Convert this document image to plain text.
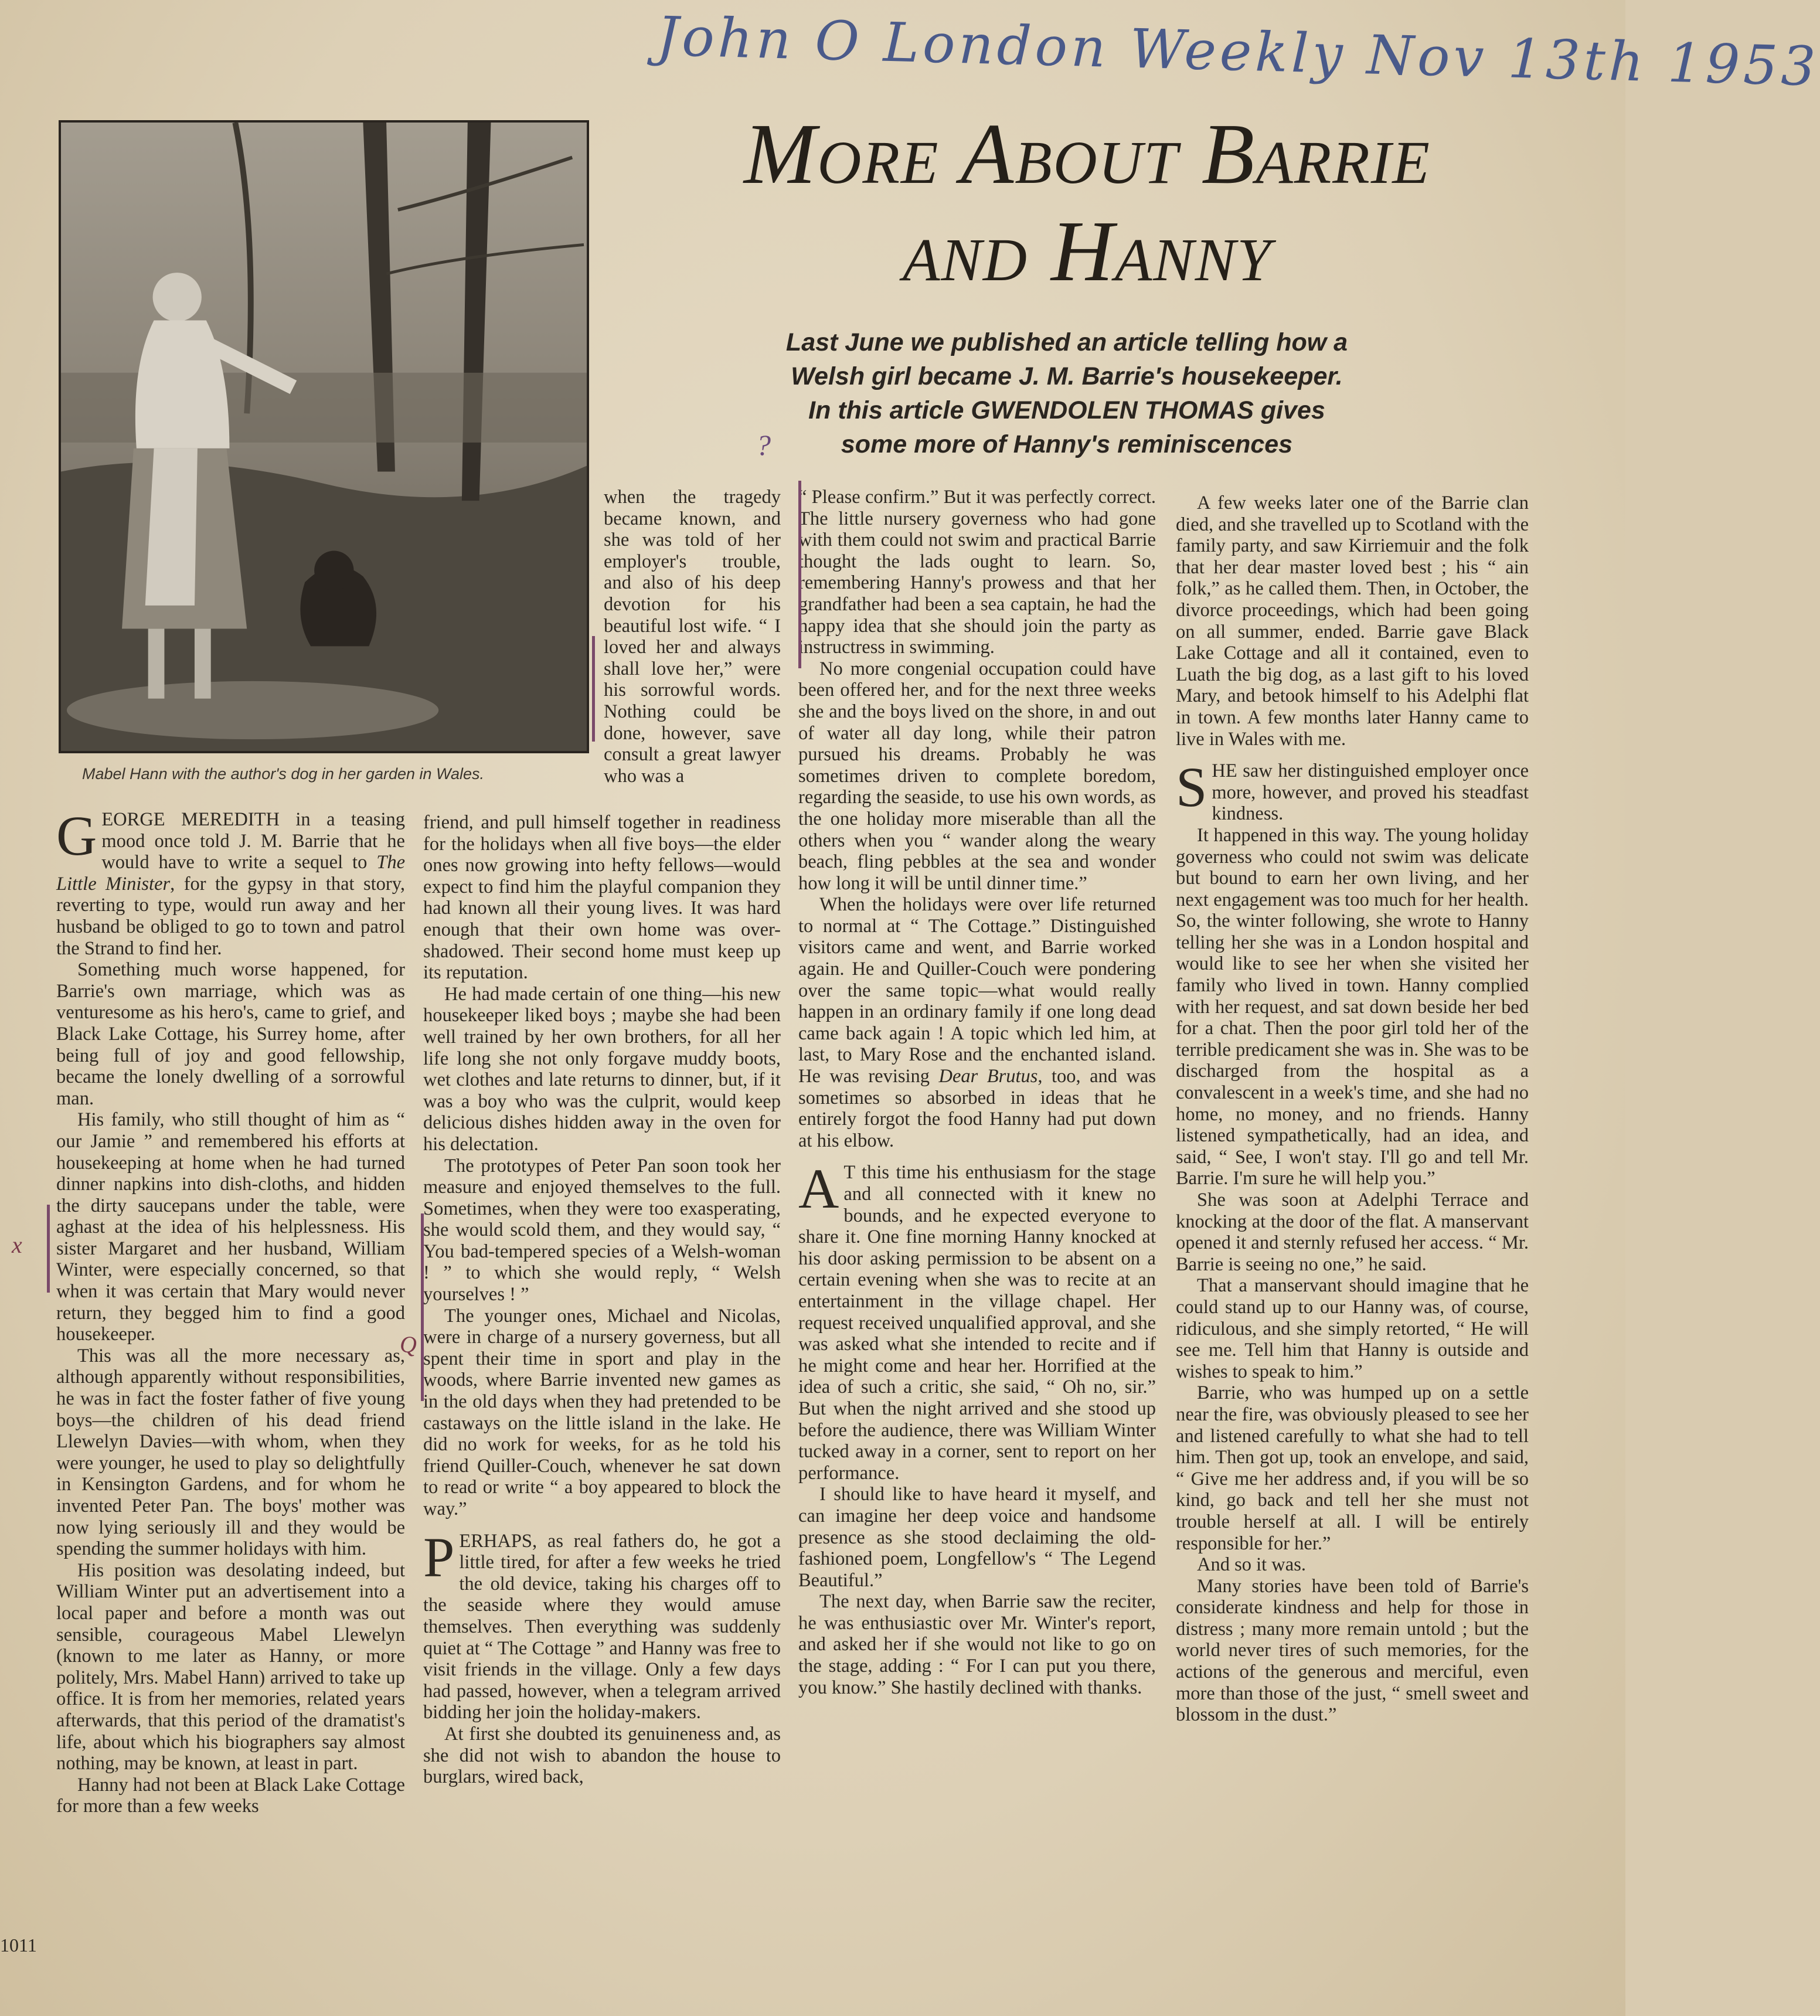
John O London Weekly Nov 13th 1953
Mabel Hann with the author's dog in her garden in Wales.
More About Barrie
and Hanny
Last June we published an article telling how a
Welsh girl became J. M. Barrie's housekeeper.
In this article GWENDOLEN THOMAS gives
some more of Hanny's reminiscences
?

GEORGE MEREDITH in a teasing mood once told J. M. Barrie that he would have to write a sequel to The Little Minister, for the gypsy in that story, reverting to type, would run away and her husband be obliged to go to town and patrol the Strand to find her.

Something much worse happened, for Barrie's own marriage, which was as venturesome as his hero's, came to grief, and Black Lake Cottage, his Surrey home, after being full of joy and good fellowship, became the lonely dwelling of a sorrowful man.

His family, who still thought of him as “ our Jamie ” and remembered his efforts at housekeeping at home when he had turned dinner napkins into dish-cloths, and hidden the dirty saucepans under the table, were aghast at the idea of his helplessness. His sister Margaret and her husband, William Winter, were especially concerned, so that when it was certain that Mary would never return, they begged him to find a good housekeeper.

This was all the more necessary as, although apparently without responsibilities, he was in fact the foster father of five young boys—the children of his dead friend Llewelyn Davies—with whom, when they were younger, he used to play so delightfully in Kensington Gardens, and for whom he invented Peter Pan. The boys' mother was now lying seriously ill and they would be spending the summer holidays with him.

His position was desolating indeed, but William Winter put an advertisement into a local paper and before a month was out sensible, courageous Mabel Llewelyn (known to me later as Hanny, or more politely, Mrs. Mabel Hann) arrived to take up office. It is from her memories, related years afterwards, that this period of the dramatist's life, about which his biographers say almost nothing, may be known, at least in part.

Hanny had not been at Black Lake Cottage for more than a few weeks

when the tragedy became known, and she was told of her employer's trouble, and also of his deep devotion for his beautiful lost wife. “ I loved her and always shall love her,” were his sorrowful words. Nothing could be done, however, save consult a great lawyer who was a

friend, and pull himself together in readiness for the holidays when all five boys—the elder ones now growing into hefty fellows—would expect to find him the playful companion they had known all their young lives. It was hard enough that their own home was over-shadowed. Their second home must keep up its reputation.

He had made certain of one thing—his new housekeeper liked boys ; maybe she had been well trained by her own brothers, for all her life long she not only forgave muddy boots, wet clothes and late returns to dinner, but, if it was a boy who was the culprit, would keep delicious dishes hidden away in the oven for his delectation.

The prototypes of Peter Pan soon took her measure and enjoyed themselves to the full. Sometimes, when they were too exasperating, she would scold them, and they would say, “ You bad-tempered species of a Welsh-woman ! ” to which she would reply, “ Welsh yourselves ! ”

The younger ones, Michael and Nicolas, were in charge of a nursery governess, but all spent their time in sport and play in the woods, where Barrie invented new games as in the old days when they had pretended to be castaways on the little island in the lake. He did no work for weeks, for as he told his friend Quiller-Couch, whenever he sat down to read or write “ a boy appeared to block the way.”

PERHAPS, as real fathers do, he got a little tired, for after a few weeks he tried the old device, taking his charges off to the seaside where they would amuse themselves. Then everything was suddenly quiet at “ The Cottage ” and Hanny was free to visit friends in the village. Only a few days had passed, however, when a telegram arrived bidding her join the holiday-makers.

At first she doubted its genuineness and, as she did not wish to abandon the house to burglars, wired back,

“ Please confirm.” But it was perfectly correct. The little nursery governess who had gone with them could not swim and practical Barrie thought the lads ought to learn. So, remembering Hanny's prowess and that her grandfather had been a sea captain, he had the happy idea that she should join the party as instructress in swimming.

No more congenial occupation could have been offered her, and for the next three weeks she and the boys lived on the shore, in and out of water all day long, while their patron pursued his dreams. Probably he was sometimes driven to complete boredom, regarding the seaside, to use his own words, as the one holiday more miserable than all the others when you “ wander along the weary beach, fling pebbles at the sea and wonder how long it will be until dinner time.”

When the holidays were over life returned to normal at “ The Cottage.” Distinguished visitors came and went, and Barrie worked again. He and Quiller-Couch were pondering over the same topic—what would really happen in an ordinary family if one long dead came back again ! A topic which led him, at last, to Mary Rose and the enchanted island. He was revising Dear Brutus, too, and was sometimes so absorbed in ideas that he entirely forgot the food Hanny had put down at his elbow.

A T this time his enthusiasm for the stage and all connected with it knew no bounds, and he expected everyone to share it. One fine morning Hanny knocked at his door asking permission to be absent on a certain evening when she was to recite at an entertainment in the village chapel. Her request received unqualified approval, and she was asked what she intended to recite and if he might come and hear her. Horrified at the idea of such a critic, she said, “ Oh no, sir.” But when the night arrived and she stood up before the audience, there was William Winter tucked away in a corner, sent to report on her performance.

I should like to have heard it myself, and can imagine her deep voice and handsome presence as she stood declaiming the old-fashioned poem, Longfellow's “ The Legend Beautiful.”

The next day, when Barrie saw the reciter, he was enthusiastic over Mr. Winter's report, and asked her if she would not like to go on the stage, adding : “ For I can put you there, you know.” She hastily declined with thanks.

A few weeks later one of the Barrie clan died, and she travelled up to Scotland with the family party, and saw Kirriemuir and the folk that her dear master loved best ; his “ ain folk,” as he called them. Then, in October, the divorce proceedings, which had been going on all summer, ended. Barrie gave Black Lake Cottage and all it contained, even to Luath the big dog, as a last gift to his loved Mary, and betook himself to his Adelphi flat in town. A few months later Hanny came to live in Wales with me.

SHE saw her distinguished employer once more, however, and proved his steadfast kindness.

It happened in this way. The young holiday governess who could not swim was delicate but bound to earn her own living, and her next engagement was too much for her health. So, the winter following, she wrote to Hanny telling her she was in a London hospital and would like to see her when she visited her family who lived in town. Hanny complied with her request, and sat down beside her bed for a chat. Then the poor girl told her of the terrible predicament she was in. She was to be discharged from the hospital as a convalescent in a week's time, and she had no home, no money, and no friends. Hanny listened sympathetically, had an idea, and said, “ See, I won't stay. I'll go and tell Mr. Barrie. I'm sure he will help you.”

She was soon at Adelphi Terrace and knocking at the door of the flat. A manservant opened it and sternly refused her access. “ Mr. Barrie is seeing no one,” he said.

That a manservant should imagine that he could stand up to our Hanny was, of course, ridiculous, and she simply retorted, “ He will see me. Tell him that Hanny is outside and wishes to speak to him.”

Barrie, who was humped up on a settle near the fire, was obviously pleased to see her and listened carefully to what she had to tell him. Then got up, took an envelope, and said, “ Give me her address and, if you will be so kind, go back and tell her she must not trouble herself at all. I will be entirely responsible for her.”

And so it was.

Many stories have been told of Barrie's considerate kindness and help for those in distress ; many more remain untold ; but the world never tires of such memories, for the actions of the generous and merciful, even more than those of the just, “ smell sweet and blossom in the dust.”

x
Q
1011
